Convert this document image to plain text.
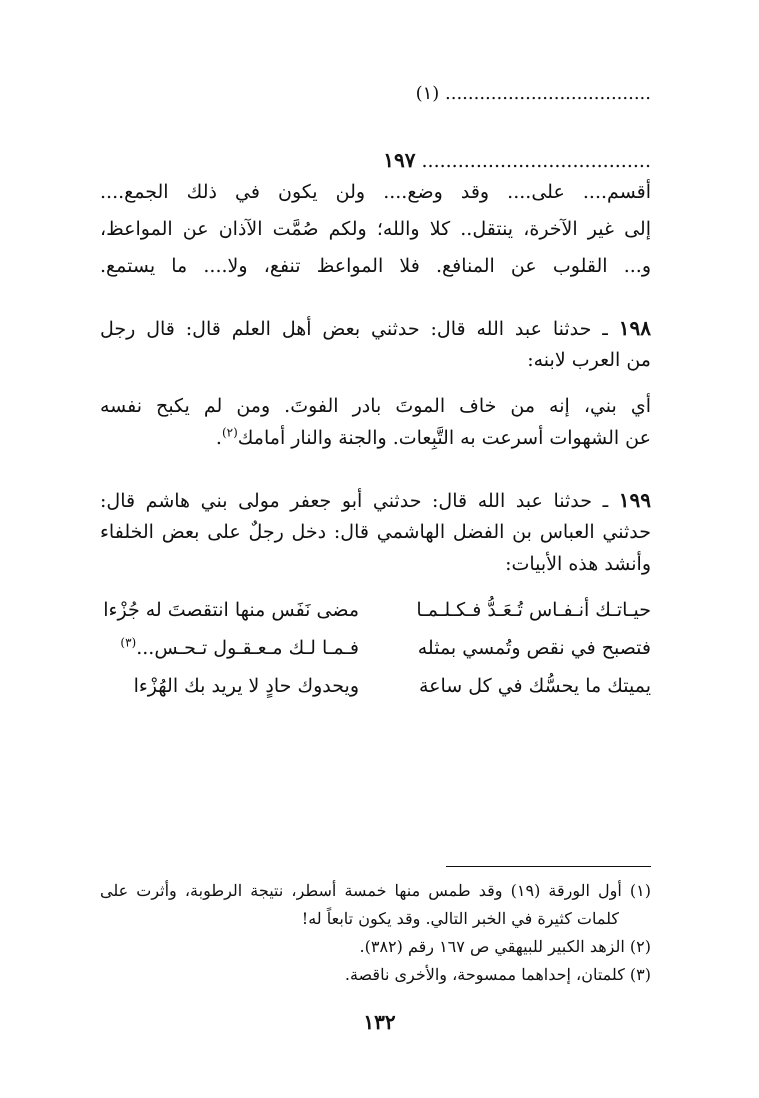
(١) ....................................
١٩٧ ......................................
أقسم.... على.... وقد وضع.... ولن يكون في ذلك الجمع....
إلى غير الآخرة، ينتقل.. كلا والله؛ ولكم صُمَّت الآذان عن المواعظ،
و... القلوب عن المنافع. فلا المواعظ تنفع، ولا.... ما يستمع.
١٩٨ ـ حدثنا عبد الله قال: حدثني بعض أهل العلم قال: قال رجل
من العرب لابنه:
أي بني، إنه من خاف الموتَ بادر الفوتَ. ومن لم يكبح نفسه
عن الشهوات أسرعت به التَّبِعات. والجنة والنار أمامك$^{(٢)}$.
١٩٩ ـ حدثنا عبد الله قال: حدثني أبو جعفر مولى بني هاشم قال:
حدثني العباس بن الفضل الهاشمي قال: دخل رجلٌ على بعض الخلفاء
وأنشد هذه الأبيات:
حيـاتـك أنـفـاس تُـعَـدُّ فـكـلـمـا
مضى نَفَس منها انتقصتَ له جُزْءا
فتصبح في نقص وتُمسي بمثله
فـمـا لـك مـعـقـول تـحـس...$^{(٣)}$
يميتك ما يحسُّك في كل ساعة
ويحدوك حادٍ لا يريد بك الهُزْءا
(١) أول الورقة (١٩) وقد طمس منها خمسة أسطر، نتيجة الرطوبة، وأثرت على
كلمات كثيرة في الخبر التالي. وقد يكون تابعاً له!
(٢) الزهد الكبير للبيهقي ص ١٦٧ رقم (٣٨٢).
(٣) كلمتان، إحداهما ممسوحة، والأخرى ناقصة.
١٣٢
